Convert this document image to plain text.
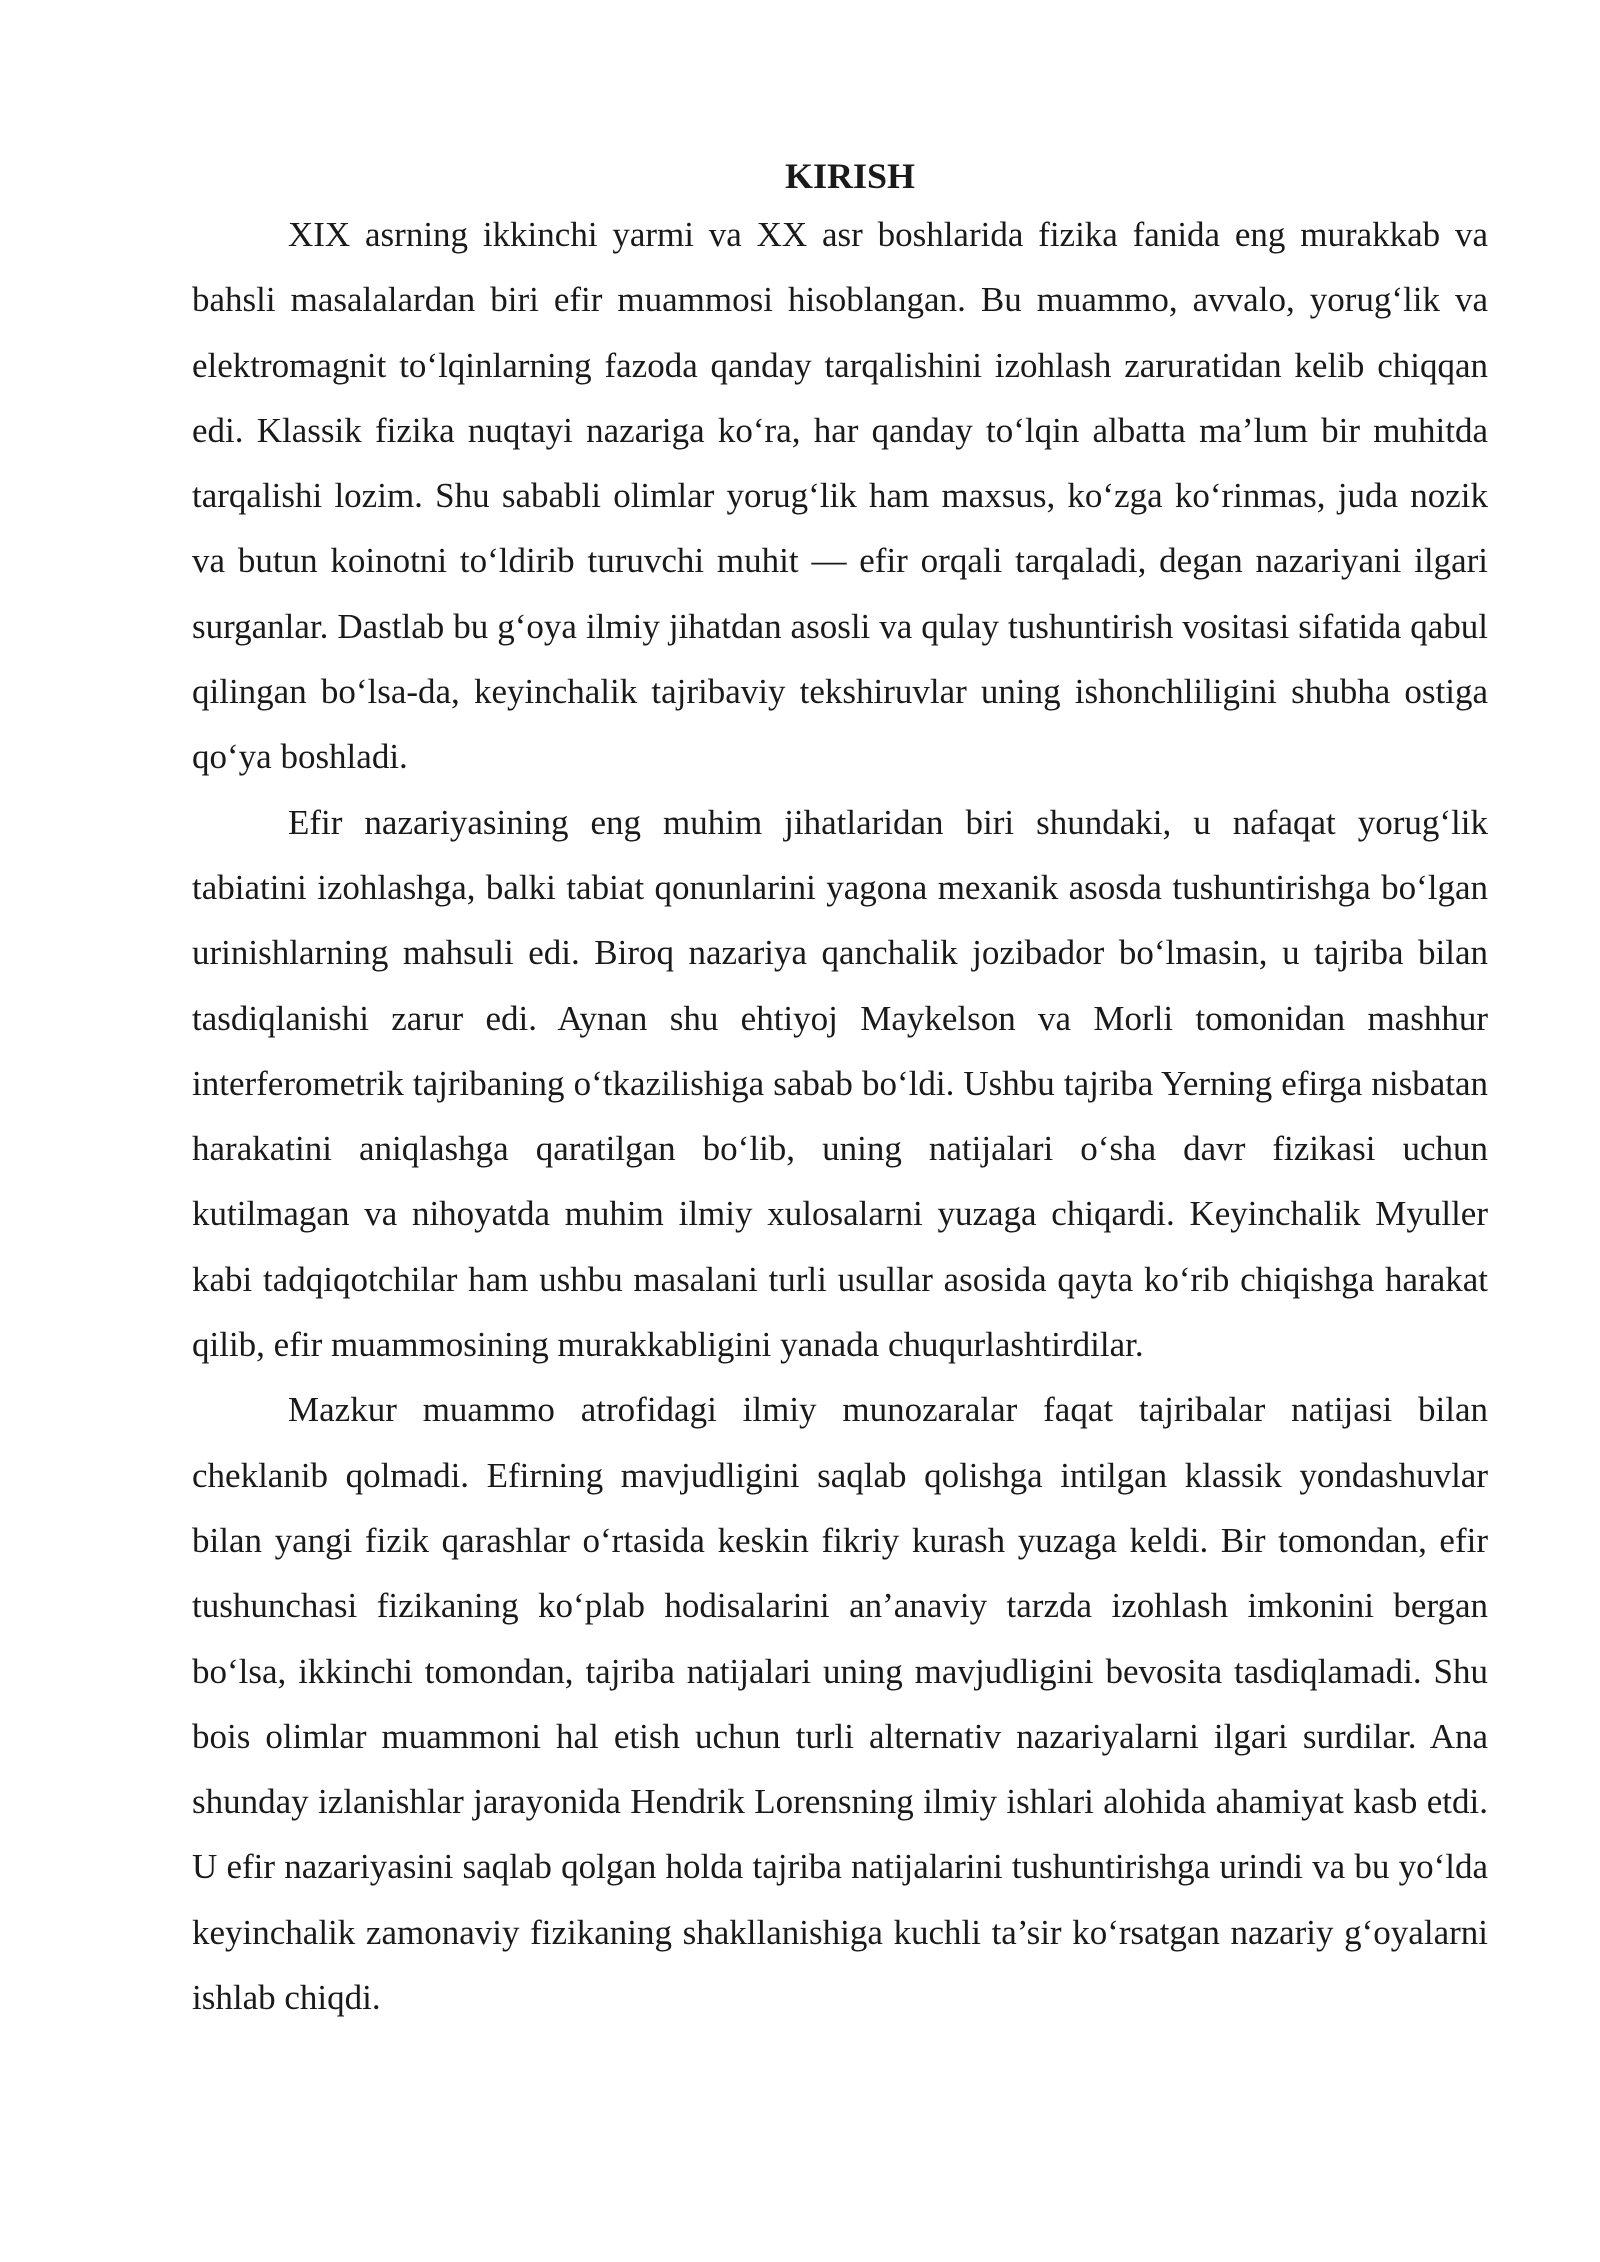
KIRISH

XIX asrning ikkinchi yarmi va XX asr boshlarida fizika fanida eng murakkab va bahsli masalalardan biri efir muammosi hisoblangan. Bu muammo, avvalo, yorug‘lik va elektromagnit to‘lqinlarning fazoda qanday tarqalishini izohlash zaruratidan kelib chiqqan edi. Klassik fizika nuqtayi nazariga ko‘ra, har qanday to‘lqin albatta ma’lum bir muhitda tarqalishi lozim. Shu sababli olimlar yorug‘lik ham maxsus, ko‘zga ko‘rinmas, juda nozik va butun koinotni to‘ldirib turuvchi muhit — efir orqali tarqaladi, degan nazariyani ilgari surganlar. Dastlab bu g‘oya ilmiy jihatdan asosli va qulay tushuntirish vositasi sifatida qabul qilingan bo‘lsa-da, keyinchalik tajribaviy tekshiruvlar uning ishonchliligini shubha ostiga qo‘ya boshladi.

Efir nazariyasining eng muhim jihatlaridan biri shundaki, u nafaqat yorug‘lik tabiatini izohlashga, balki tabiat qonunlarini yagona mexanik asosda tushuntirishga bo‘lgan urinishlarning mahsuli edi. Biroq nazariya qanchalik jozibador bo‘lmasin, u tajriba bilan tasdiqlanishi zarur edi. Aynan shu ehtiyoj Maykelson va Morli tomonidan mashhur interferometrik tajribaning o‘tkazilishiga sabab bo‘ldi. Ushbu tajriba Yerning efirga nisbatan harakatini aniqlashga qaratilgan bo‘lib, uning natijalari o‘sha davr fizikasi uchun kutilmagan va nihoyatda muhim ilmiy xulosalarni yuzaga chiqardi. Keyinchalik Myuller kabi tadqiqotchilar ham ushbu masalani turli usullar asosida qayta ko‘rib chiqishga harakat qilib, efir muammosining murakkabligini yanada chuqurlashtirdilar.

Mazkur muammo atrofidagi ilmiy munozaralar faqat tajribalar natijasi bilan cheklanib qolmadi. Efirning mavjudligini saqlab qolishga intilgan klassik yondashuvlar bilan yangi fizik qarashlar o‘rtasida keskin fikriy kurash yuzaga keldi. Bir tomondan, efir tushunchasi fizikaning ko‘plab hodisalarini an’anaviy tarzda izohlash imkonini bergan bo‘lsa, ikkinchi tomondan, tajriba natijalari uning mavjudligini bevosita tasdiqlamadi. Shu bois olimlar muammoni hal etish uchun turli alternativ nazariyalarni ilgari surdilar. Ana shunday izlanishlar jarayonida Hendrik Lorensning ilmiy ishlari alohida ahamiyat kasb etdi. U efir nazariyasini saqlab qolgan holda tajriba natijalarini tushuntirishga urindi va bu yo‘lda keyinchalik zamonaviy fizikaning shakllanishiga kuchli ta’sir ko‘rsatgan nazariy g‘oyalarni ishlab chiqdi.
